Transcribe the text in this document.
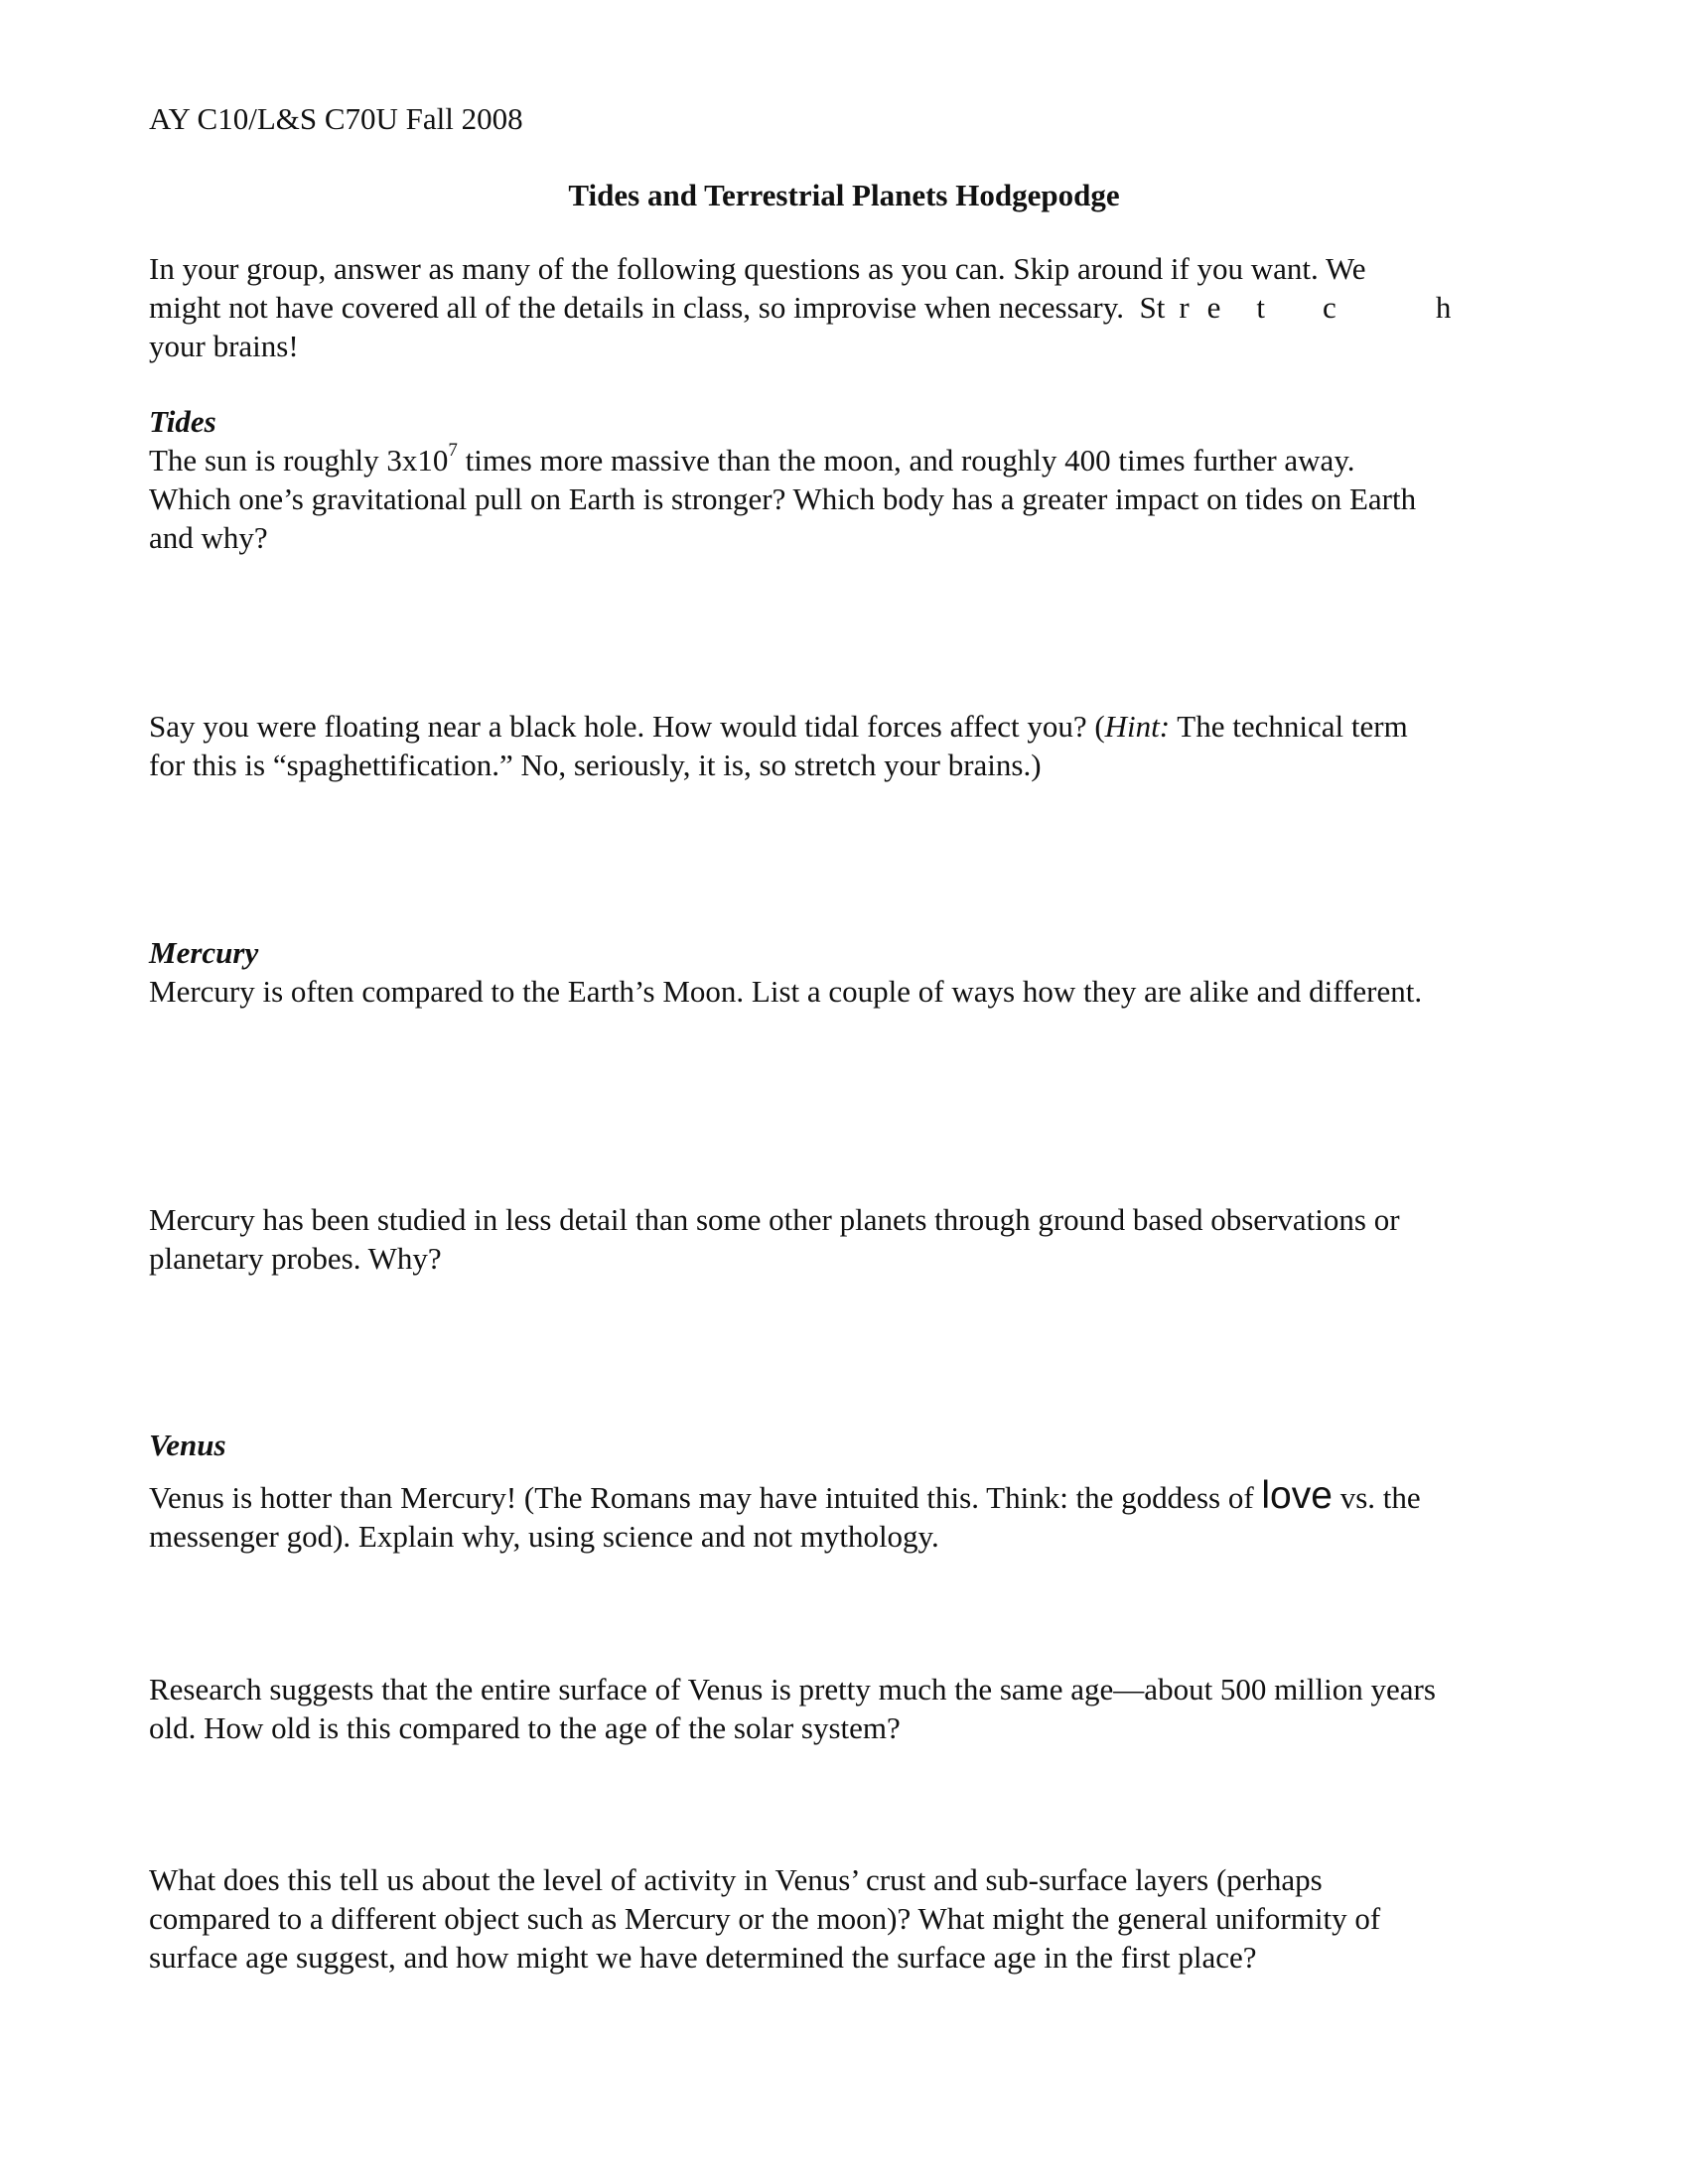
AY C10/L&S C70U Fall 2008
Tides and Terrestrial Planets Hodgepodge
In your group, answer as many of the following questions as you can. Skip around if you want. We
might not have covered all of the details in class, so improvise when necessary.  St r e t c	h
your brains!
Tides
The sun is roughly $3x10^7$ times more massive than the moon, and roughly 400 times further away.
Which one’s gravitational pull on Earth is stronger? Which body has a greater impact on tides on Earth
and why?
Say you were floating near a black hole. How would tidal forces affect you? (Hint: The technical term
for this is “spaghettification.” No, seriously, it is, so stretch your brains.)
Mercury
Mercury is often compared to the Earth’s Moon. List a couple of ways how they are alike and different.
Mercury has been studied in less detail than some other planets through ground based observations or
planetary probes. Why?
Venus
Venus is hotter than Mercury! (The Romans may have intuited this. Think: the goddess of love vs. the
messenger god). Explain why, using science and not mythology.
Research suggests that the entire surface of Venus is pretty much the same age—about 500 million years
old. How old is this compared to the age of the solar system?
What does this tell us about the level of activity in Venus’ crust and sub-surface layers (perhaps
compared to a different object such as Mercury or the moon)? What might the general uniformity of
surface age suggest, and how might we have determined the surface age in the first place?
